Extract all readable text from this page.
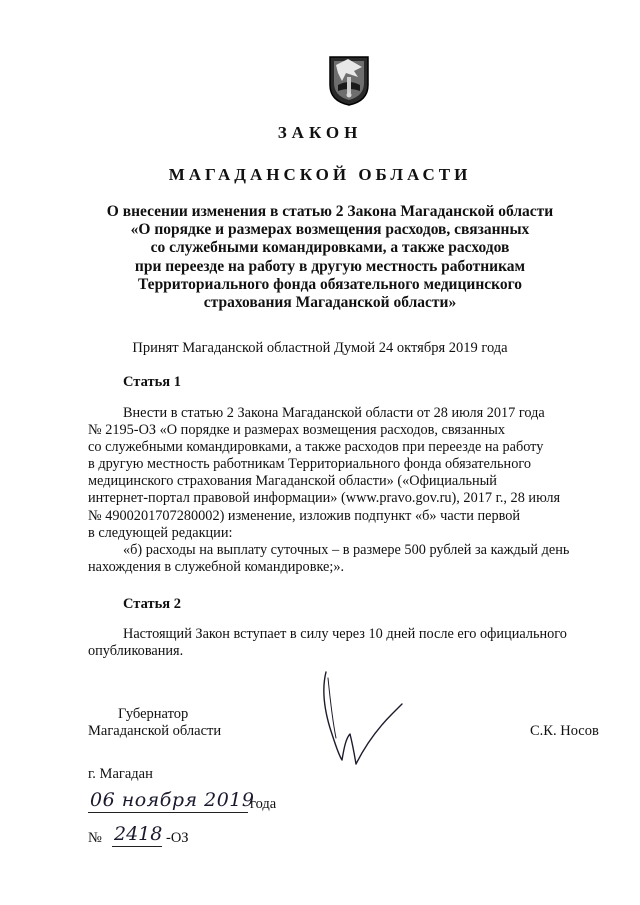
ЗАКОН
МАГАДАНСКОЙ ОБЛАСТИ
О внесении изменения в статью 2 Закона Магаданской области
«О порядке и размерах возмещения расходов, связанных
со служебными командировками, а также расходов
при переезде на работу в другую местность работникам
Территориального фонда обязательного медицинского
страхования Магаданской области»
Принят Магаданской областной Думой 24 октября 2019 года
Статья 1
Внести в статью 2 Закона Магаданской области от 28 июля 2017 года
№ 2195-ОЗ «О порядке и размерах возмещения расходов, связанных
со служебными командировками, а также расходов при переезде на работу
в другую местность работникам Территориального фонда обязательного
медицинского страхования Магаданской области» («Официальный
интернет-портал правовой информации» (www.pravo.gov.ru), 2017 г., 28 июля
№ 4900201707280002) изменение, изложив подпункт «б» части первой
в следующей редакции:
«б) расходы на выплату суточных – в размере 500 рублей за каждый день
нахождения в служебной командировке;».
Статья 2
Настоящий Закон вступает в силу через 10 дней после его официального
опубликования.
Губернатор
Магаданской области	С.К. Носов
г. Магадан
06 ноября 2019
года
№ 2418 -ОЗ
